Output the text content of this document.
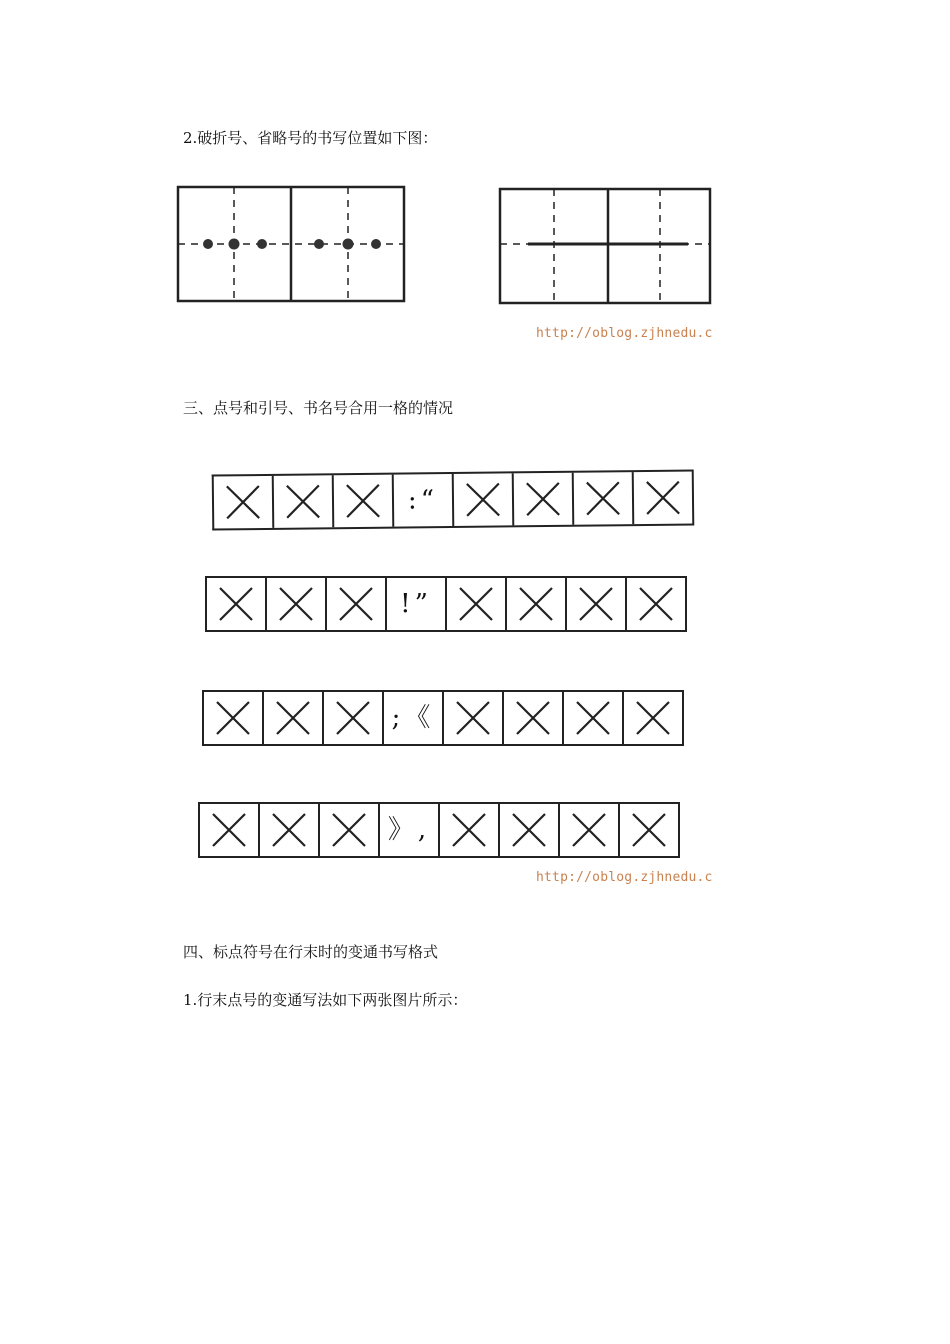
2.破折号、省略号的书写位置如下图：
http://oblog.zjhnedu.c
三、点号和引号、书名号合用一格的情况
:“
!”
;《
》,
http://oblog.zjhnedu.c
四、标点符号在行末时的变通书写格式
1.行末点号的变通写法如下两张图片所示：
